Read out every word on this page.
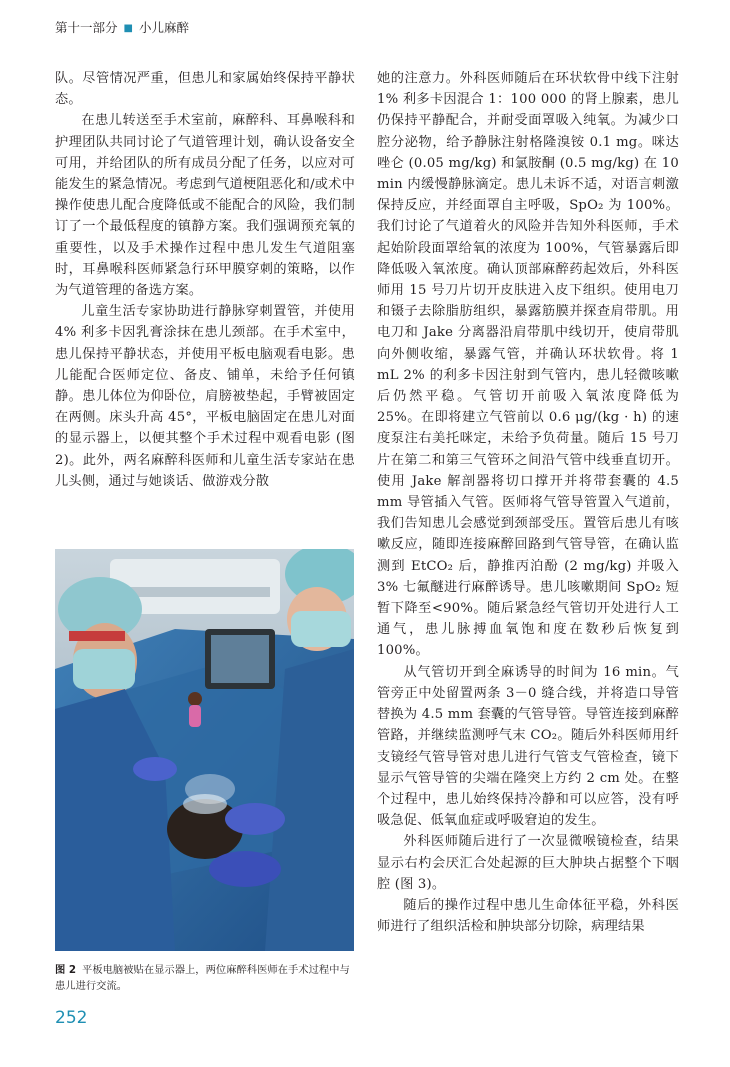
第十一部分 ■ 小儿麻醉

队。尽管情况严重，但患儿和家属始终保持平静状态。

在患儿转送至手术室前，麻醉科、耳鼻喉科和护理团队共同讨论了气道管理计划，确认设备安全可用，并给团队的所有成员分配了任务，以应对可能发生的紧急情况。考虑到气道梗阻恶化和/或术中操作使患儿配合度降低或不能配合的风险，我们制订了一个最低程度的镇静方案。我们强调预充氧的重要性，以及手术操作过程中患儿发生气道阻塞时，耳鼻喉科医师紧急行环甲膜穿刺的策略，以作为气道管理的备选方案。

儿童生活专家协助进行静脉穿刺置管，并使用4% 利多卡因乳膏涂抹在患儿颈部。在手术室中，患儿保持平静状态，并使用平板电脑观看电影。患儿能配合医师定位、备皮、铺单，未给予任何镇静。患儿体位为仰卧位，肩膀被垫起，手臂被固定在两侧。床头升高 45°，平板电脑固定在患儿对面的显示器上，以便其整个手术过程中观看电影 (图 2)。此外，两名麻醉科医师和儿童生活专家站在患儿头侧，通过与她谈话、做游戏分散

图 2 平板电脑被贴在显示器上，两位麻醉科医师在手术过程中与患儿进行交流。
252

她的注意力。外科医师随后在环状软骨中线下注射1% 利多卡因混合 1：100 000 的肾上腺素，患儿仍保持平静配合，并耐受面罩吸入纯氧。为减少口腔分泌物，给予静脉注射格隆溴铵 0.1 mg。咪达唑仑 (0.05 mg/kg) 和氯胺酮 (0.5 mg/kg) 在 10 min 内缓慢静脉滴定。患儿未诉不适，对语言刺激保持反应，并经面罩自主呼吸，SpO₂ 为 100%。我们讨论了气道着火的风险并告知外科医师，手术起始阶段面罩给氧的浓度为 100%，气管暴露后即降低吸入氧浓度。确认顶部麻醉药起效后，外科医师用 15 号刀片切开皮肤进入皮下组织。使用电刀和镊子去除脂肪组织，暴露筋膜并探查肩带肌。用电刀和 Jake 分离器沿肩带肌中线切开，使肩带肌向外侧收缩，暴露气管，并确认环状软骨。将 1 mL 2% 的利多卡因注射到气管内，患儿轻微咳嗽后仍然平稳。气管切开前吸入氧浓度降低为 25%。在即将建立气管前以 0.6 μg/(kg · h) 的速度泵注右美托咪定，未给予负荷量。随后 15 号刀片在第二和第三气管环之间沿气管中线垂直切开。使用 Jake 解剖器将切口撑开并将带套囊的 4.5 mm 导管插入气管。医师将气管导管置入气道前，我们告知患儿会感觉到颈部受压。置管后患儿有咳嗽反应，随即连接麻醉回路到气管导管，在确认监测到 EtCO₂ 后，静推丙泊酚 (2 mg/kg) 并吸入 3% 七氟醚进行麻醉诱导。患儿咳嗽期间 SpO₂ 短暂下降至<90%。随后紧急经气管切开处进行人工通气，患儿脉搏血氧饱和度在数秒后恢复到 100%。

从气管切开到全麻诱导的时间为 16 min。气管旁正中处留置两条 3－0 缝合线，并将造口导管替换为 4.5 mm 套囊的气管导管。导管连接到麻醉管路，并继续监测呼气末 CO₂。随后外科医师用纤支镜经气管导管对患儿进行气管支气管检查，镜下显示气管导管的尖端在隆突上方约 2 cm 处。在整个过程中，患儿始终保持冷静和可以应答，没有呼吸急促、低氧血症或呼吸窘迫的发生。

外科医师随后进行了一次显微喉镜检查，结果显示右杓会厌汇合处起源的巨大肿块占据整个下咽腔 (图 3)。

随后的操作过程中患儿生命体征平稳，外科医师进行了组织活检和肿块部分切除，病理结果
